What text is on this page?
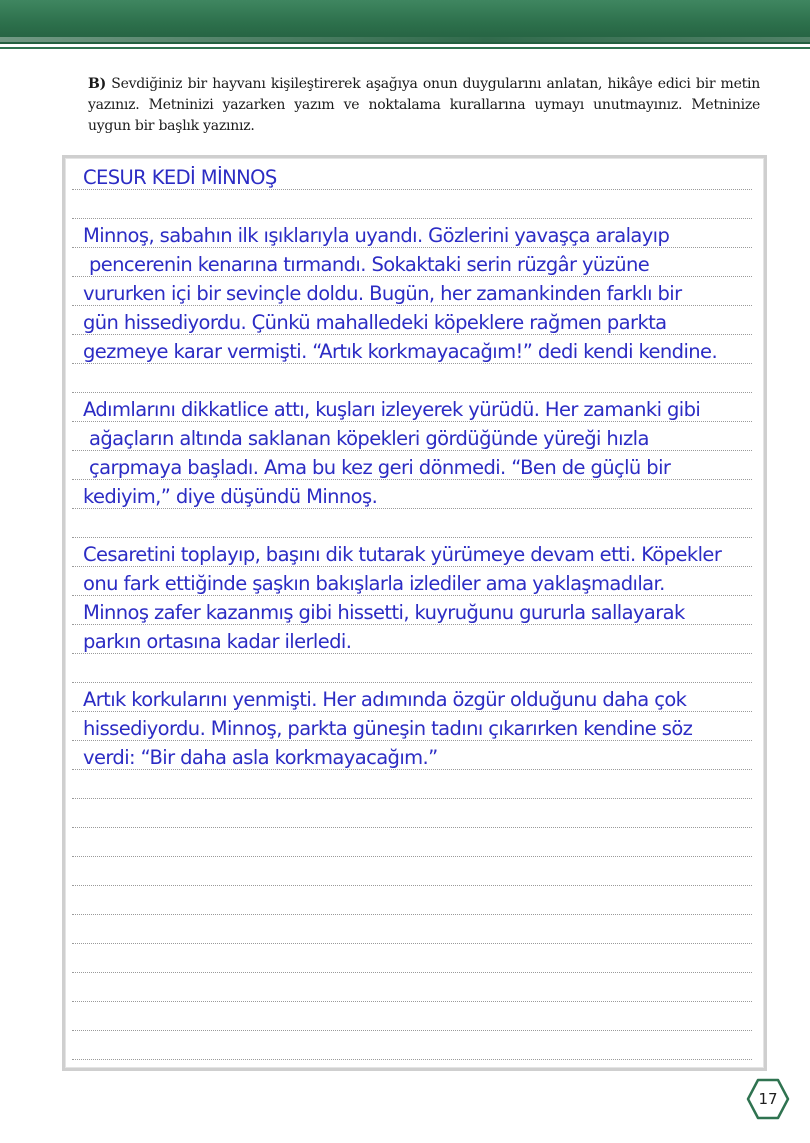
B) Sevdiğiniz bir hayvanı kişileştirerek aşağıya onun duygularını anlatan, hikâye edici bir metin yazınız. Metninizi yazarken yazım ve noktalama kurallarına uymayı unutmayınız. Metninize uygun bir başlık yazınız.
CESUR KEDİ MİNNOŞ
Minnoş, sabahın ilk ışıklarıyla uyandı. Gözlerini yavaşça aralayıp
pencerenin kenarına tırmandı. Sokaktaki serin rüzgâr yüzüne
vururken içi bir sevinçle doldu. Bugün, her zamankinden farklı bir
gün hissediyordu. Çünkü mahalledeki köpeklere rağmen parkta
gezmeye karar vermişti. “Artık korkmayacağım!” dedi kendi kendine.
Adımlarını dikkatlice attı, kuşları izleyerek yürüdü. Her zamanki gibi
ağaçların altında saklanan köpekleri gördüğünde yüreği hızla
çarpmaya başladı. Ama bu kez geri dönmedi. “Ben de güçlü bir
kediyim,” diye düşündü Minnoş.
Cesaretini toplayıp, başını dik tutarak yürümeye devam etti. Köpekler
onu fark ettiğinde şaşkın bakışlarla izlediler ama yaklaşmadılar.
Minnoş zafer kazanmış gibi hissetti, kuyruğunu gururla sallayarak
parkın ortasına kadar ilerledi.
Artık korkularını yenmişti. Her adımında özgür olduğunu daha çok
hissediyordu. Minnoş, parkta güneşin tadını çıkarırken kendine söz
verdi: “Bir daha asla korkmayacağım.”
17
